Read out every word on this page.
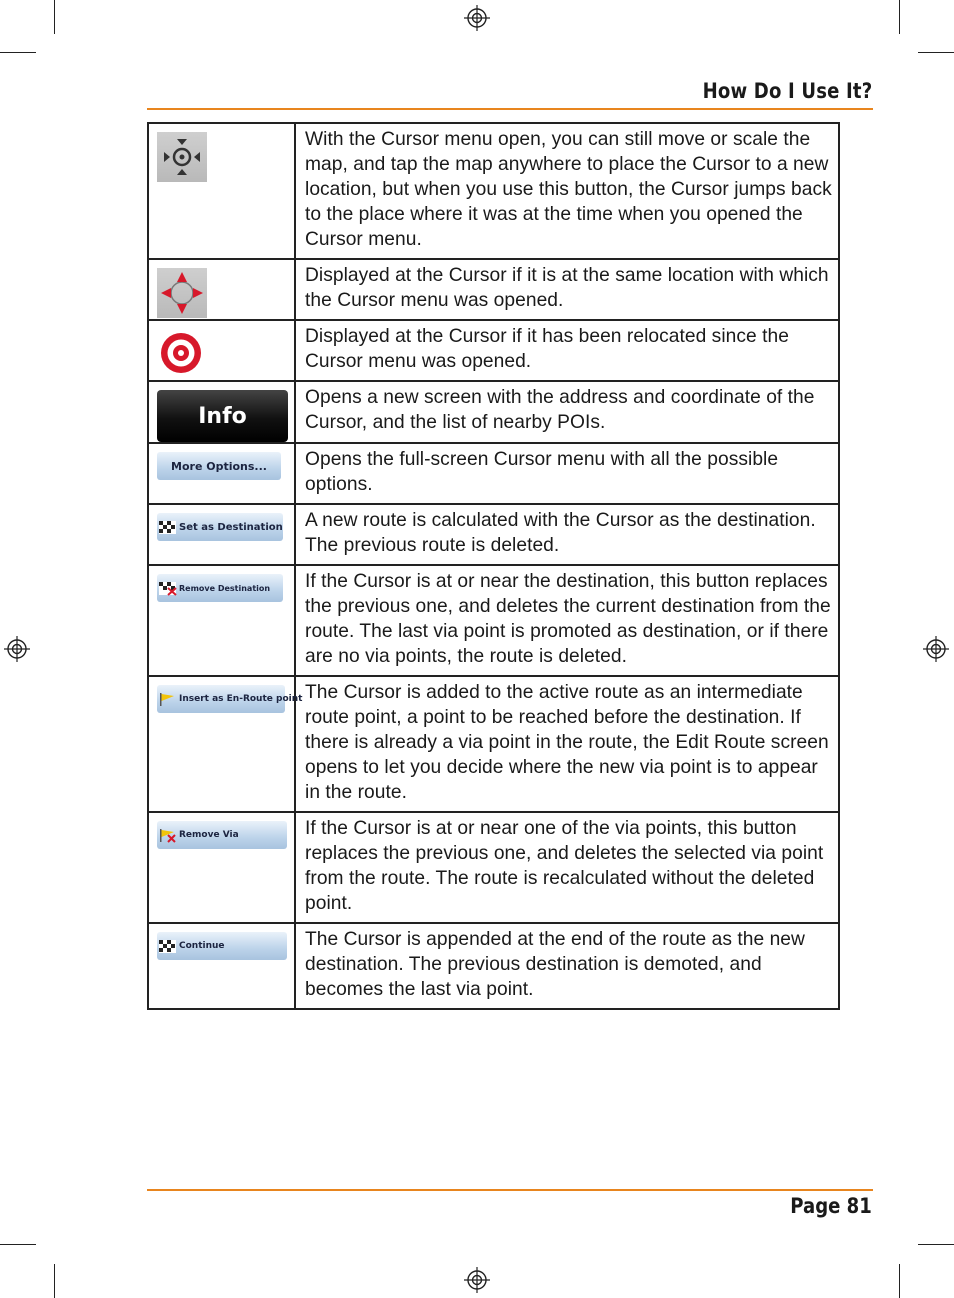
How Do I Use It?
	With the Cursor menu open, you can still move or scale the map, and tap the map anywhere to place the Cursor to a new location, but when you use this button, the Cursor jumps back to the place where it was at the time when you opened the Cursor menu.

	Displayed at the Cursor if it is at the same location with which the Cursor menu was opened.

	Displayed at the Cursor if it has been relocated since the Cursor menu was opened.

Info	Opens a new screen with the address and coordinate of the Cursor, and the list of nearby POIs.

More Options...	Opens the full-screen Cursor menu with all the possible options.

Set as Destination	A new route is calculated with the Cursor as the destination. The previous route is deleted.

Remove Destination	If the Cursor is at or near the destination, this button replaces the previous one, and deletes the current destination from the route. The last via point is promoted as destination, or if there are no via points, the route is deleted.

Insert as En-Route point	The Cursor is added to the active route as an intermediate route point, a point to be reached before the destination. If there is already a via point in the route, the Edit Route screen opens to let you decide where the new via point is to appear in the route.

Remove Via	If the Cursor is at or near one of the via points, this button replaces the previous one, and deletes the selected via point from the route. The route is recalculated without the deleted point.

Continue	The Cursor is appended at the end of the route as the new destination. The previous destination is demoted, and becomes the last via point.
Page 81
